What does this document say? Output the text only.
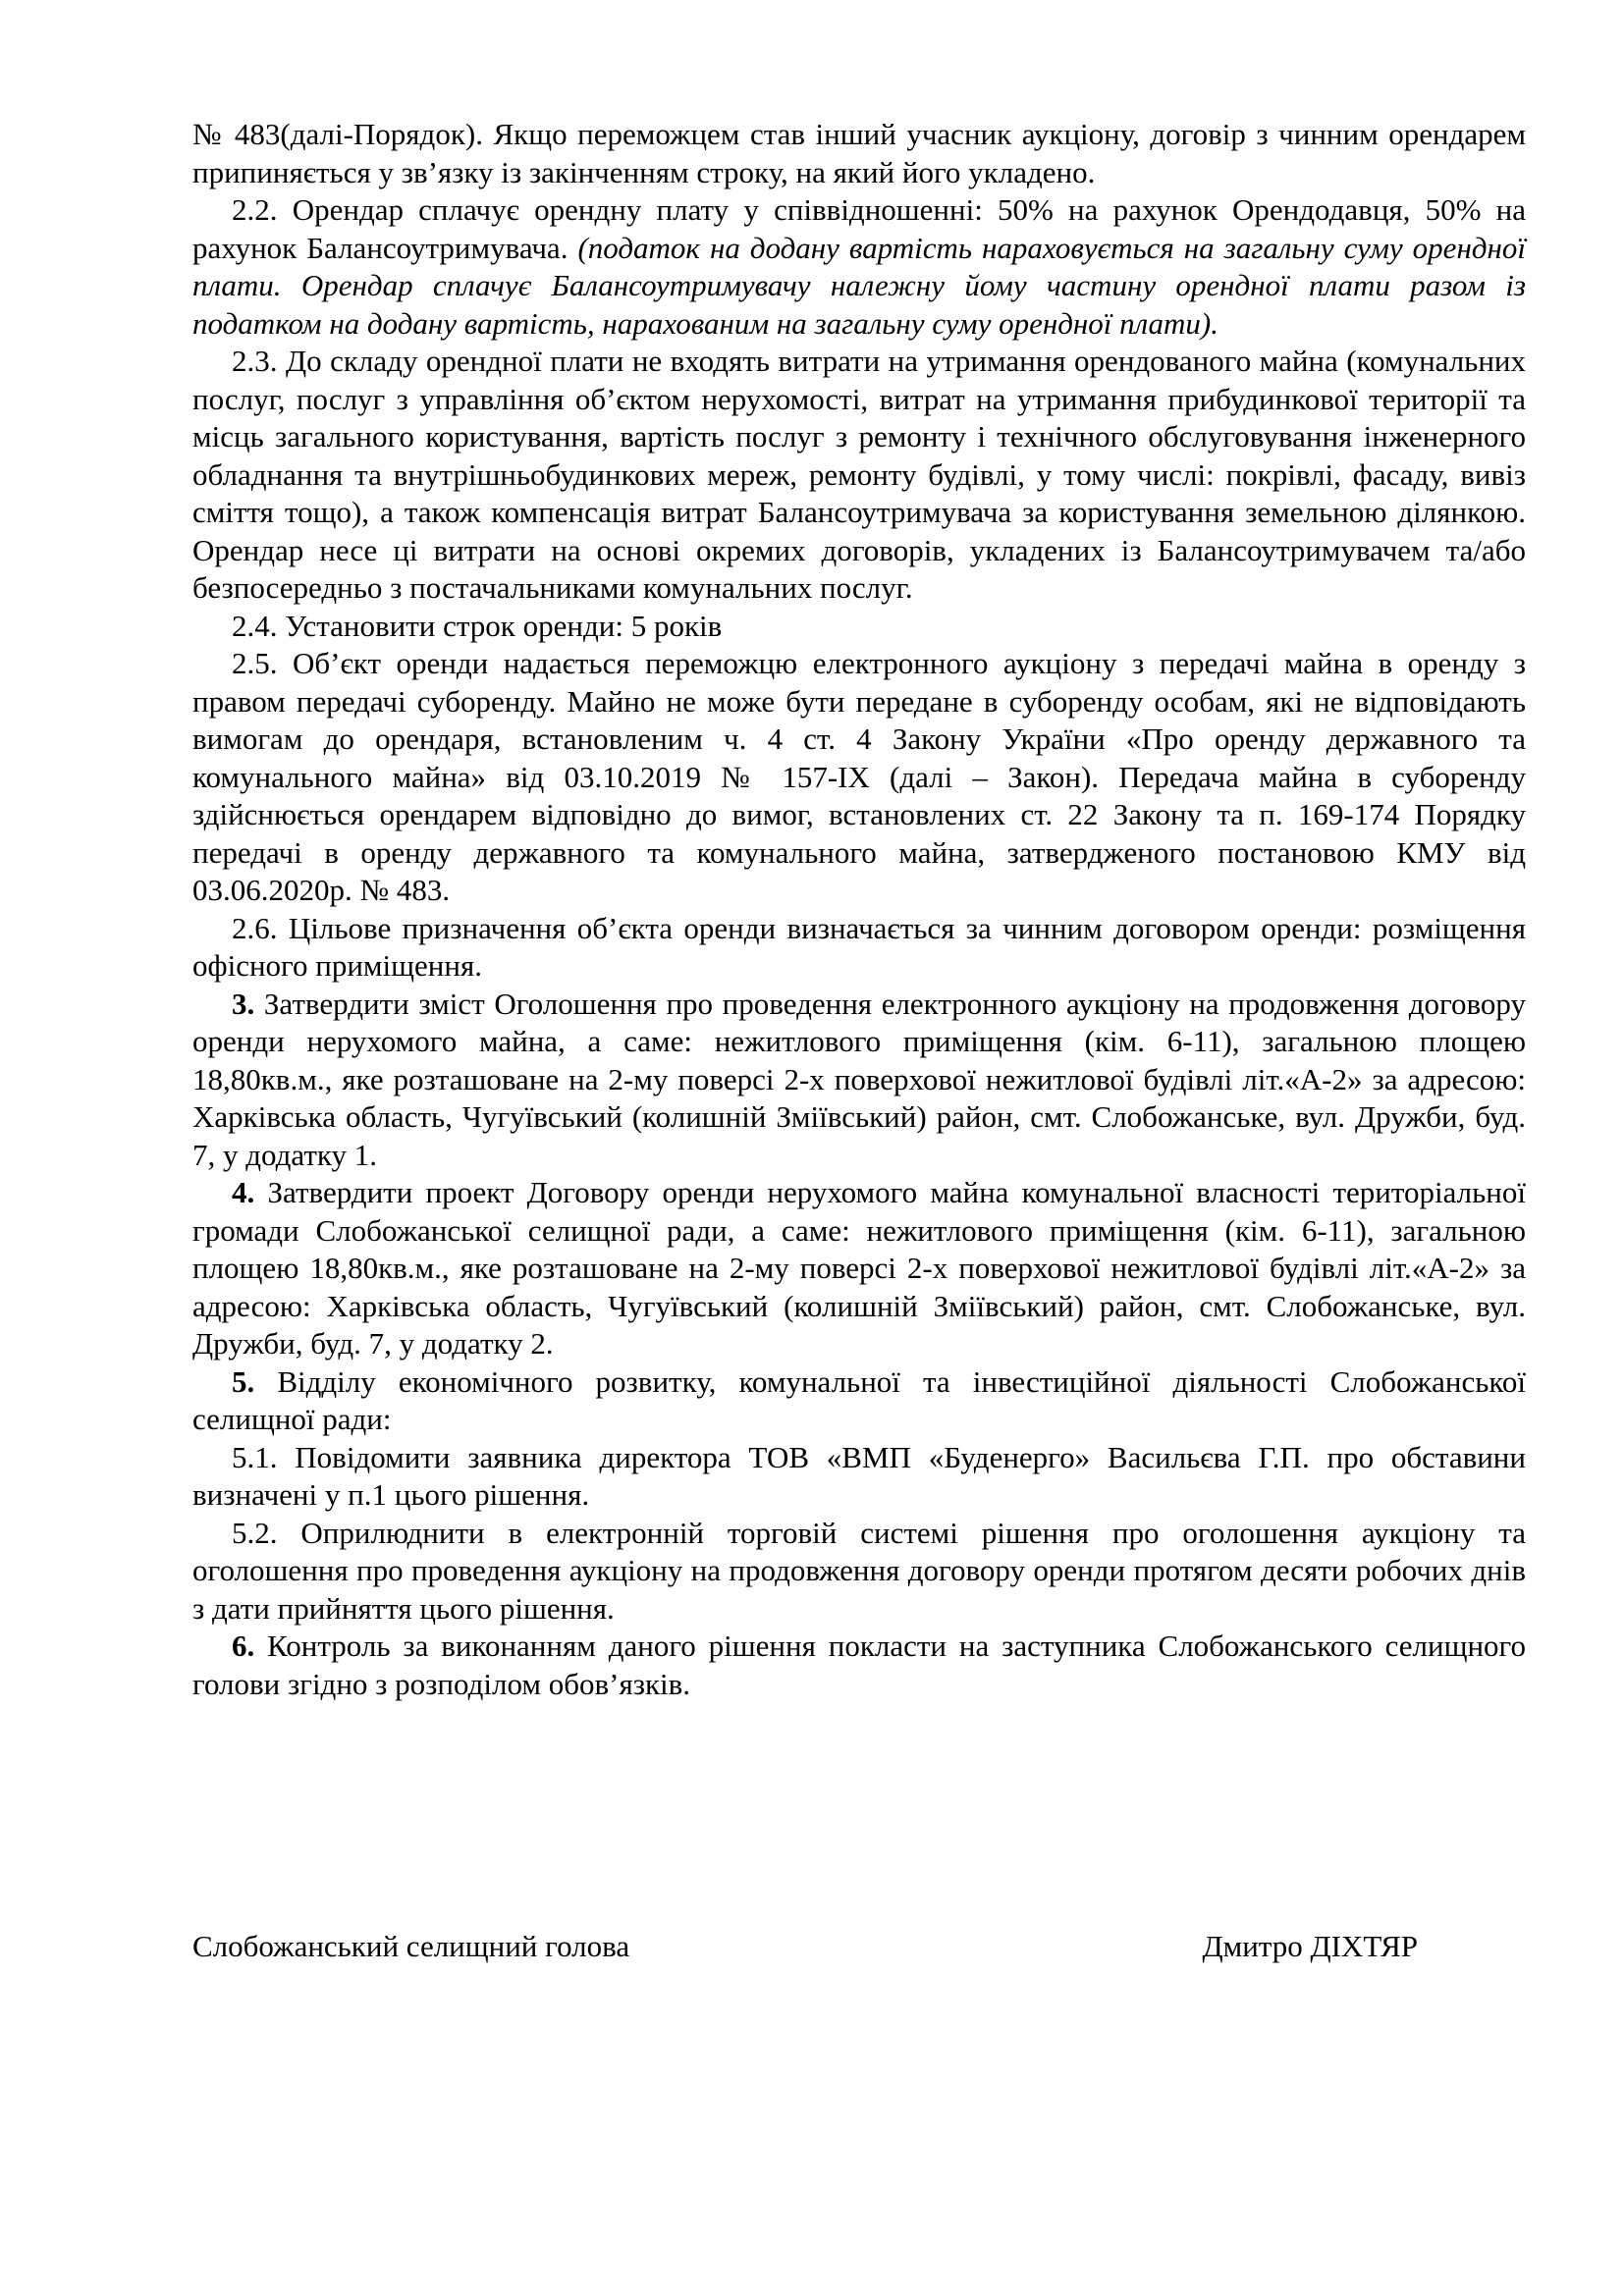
№ 483(далі-Порядок). Якщо переможцем став інший учасник аукціону, договір з чинним орендарем припиняється у зв’язку із закінченням строку, на який його укладено.

2.2. Орендар сплачує орендну плату у співвідношенні: 50% на рахунок Орендодавця, 50% на рахунок Балансоутримувача. (податок на додану вартість нараховується на загальну суму орендної плати. Орендар сплачує Балансоутримувачу належну йому частину орендної плати разом із податком на додану вартість, нарахованим на загальну суму орендної плати).

2.3. До складу орендної плати не входять витрати на утримання орендованого майна (комунальних послуг, послуг з управління об’єктом нерухомості, витрат на утримання прибудинкової території та місць загального користування, вартість послуг з ремонту і технічного обслуговування інженерного обладнання та внутрішньобудинкових мереж, ремонту будівлі, у тому числі: покрівлі, фасаду, вивіз сміття тощо), а також компенсація витрат Балансоутримувача за користування земельною ділянкою. Орендар несе ці витрати на основі окремих договорів, укладених із Балансоутримувачем та/або безпосередньо з постачальниками комунальних послуг.

2.4. Установити строк оренди: 5 років

2.5. Об’єкт оренди надається переможцю електронного аукціону з передачі майна в оренду з правом передачі суборенду. Майно не може бути передане в суборенду особам, які не відповідають вимогам до орендаря, встановленим ч. 4 ст. 4 Закону України «Про оренду державного та комунального майна» від 03.10.2019 № 157-IX (далі – Закон). Передача майна в суборенду здійснюється орендарем відповідно до вимог, встановлених ст. 22 Закону та п. 169-174 Порядку передачі в оренду державного та комунального майна, затвердженого постановою КМУ від 03.06.2020р. № 483.

2.6. Цільове призначення об’єкта оренди визначається за чинним договором оренди: розміщення офісного приміщення.

3. Затвердити зміст Оголошення про проведення електронного аукціону на продовження договору оренди нерухомого майна, а саме: нежитлового приміщення (кім. 6-11), загальною площею 18,80кв.м., яке розташоване на 2-му поверсі 2-х поверхової нежитлової будівлі літ.«А-2» за адресою: Харківська область, Чугуївський (колишній Зміївський) район, смт. Слобожанське, вул. Дружби, буд. 7, у додатку 1.

4. Затвердити проект Договору оренди нерухомого майна комунальної власності територіальної громади Слобожанської селищної ради, а саме: нежитлового приміщення (кім. 6-11), загальною площею 18,80кв.м., яке розташоване на 2-му поверсі 2-х поверхової нежитлової будівлі літ.«А-2» за адресою: Харківська область, Чугуївський (колишній Зміївський) район, смт. Слобожанське, вул. Дружби, буд. 7, у додатку 2.

5. Відділу економічного розвитку, комунальної та інвестиційної діяльності Слобожанської селищної ради:

5.1. Повідомити заявника директора ТОВ «ВМП «Буденерго» Васильєва Г.П. про обставини визначені у п.1 цього рішення.

5.2. Оприлюднити в електронній торговій системі рішення про оголошення аукціону та оголошення про проведення аукціону на продовження договору оренди протягом десяти робочих днів з дати прийняття цього рішення.

6. Контроль за виконанням даного рішення покласти на заступника Слобожанського селищного голови згідно з розподілом обов’язків.

Слобожанський селищний голова	Дмитро ДІХТЯР
